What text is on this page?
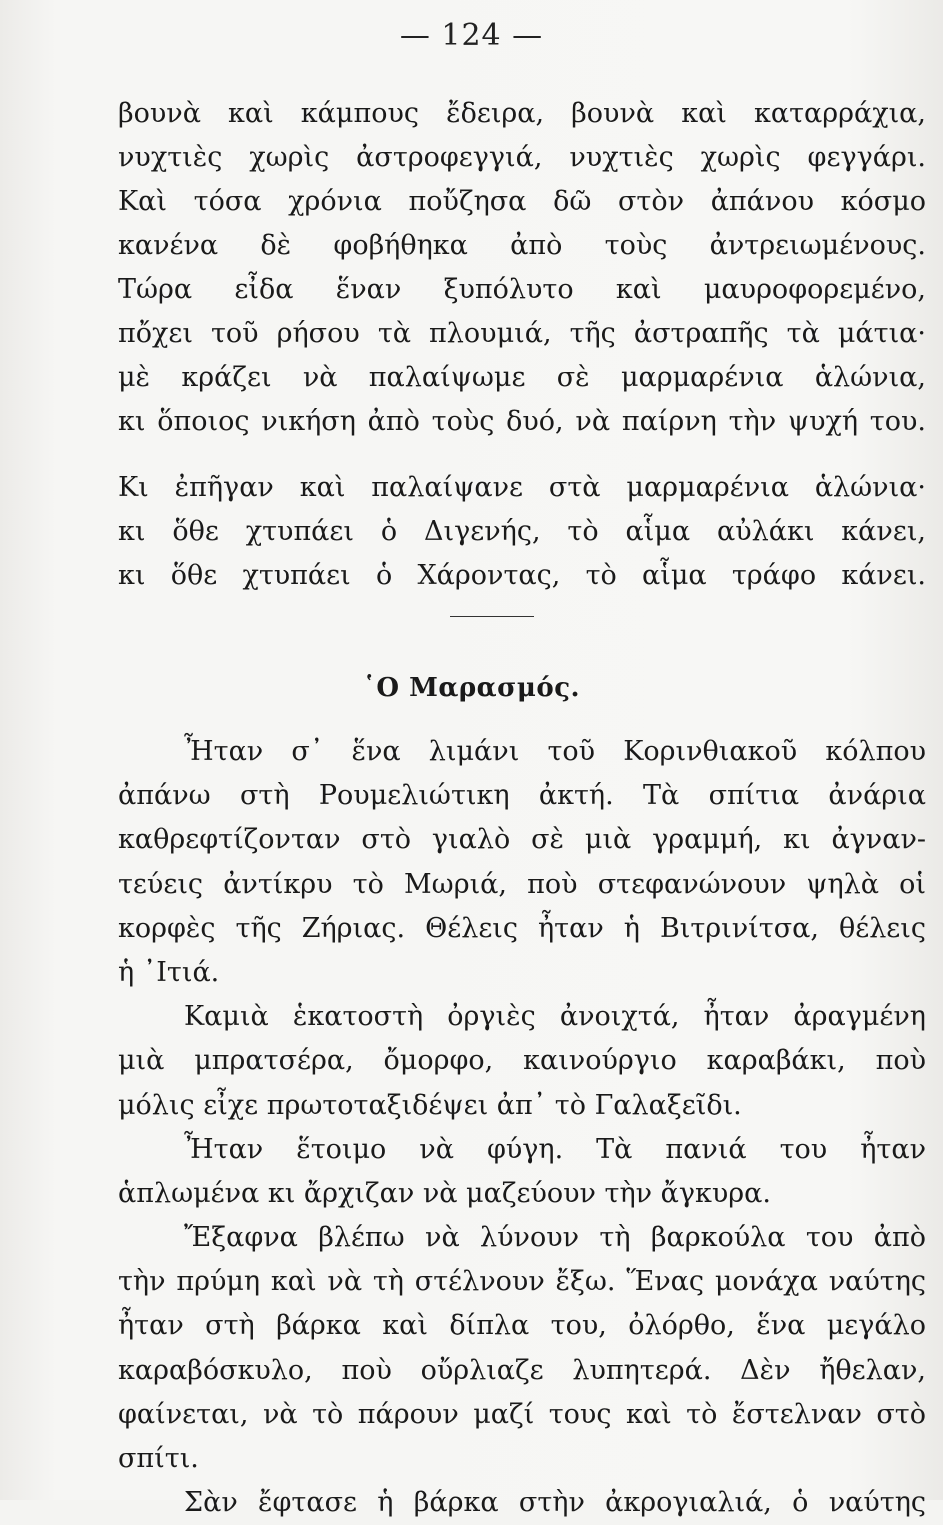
— 124 —
βουνὰ καὶ κάμπους ἔδειρα, βουνὰ καὶ καταρράχια,
νυχτιὲς χωρὶς ἀστροφεγγιά, νυχτιὲς χωρὶς φεγγάρι.
Καὶ τόσα χρόνια ποὔζησα δῶ στὸν ἀπάνου κόσμο
κανένα δὲ φοβήθηκα ἀπὸ τοὺς ἀντρειωμένους.
Τώρα εἶδα ἕναν ξυπόλυτο καὶ μαυροφορεμένο,
πὄχει τοῦ ρήσου τὰ πλουμιά, τῆς ἀστραπῆς τὰ μάτια·
μὲ κράζει νὰ παλαίψωμε σὲ μαρμαρένια ἁλώνια,
κι ὅποιος νικήση ἀπὸ τοὺς δυό, νὰ παίρνη τὴν ψυχή του.
Κι ἐπῆγαν καὶ παλαίψανε στὰ μαρμαρένια ἁλώνια·
κι ὅθε χτυπάει ὁ Διγενής, τὸ αἷμα αὐλάκι κάνει,
κι ὅθε χτυπάει ὁ Χάροντας, τὸ αἷμα τράφο κάνει.
῾Ο Μαρασμός.
Ἦταν σ᾿ ἕνα λιμάνι τοῦ Κορινθιακοῦ κόλπου
ἀπάνω στὴ Ρουμελιώτικη ἀκτή. Τὰ σπίτια ἀνάρια
καθρεφτίζονταν στὸ γιαλὸ σὲ μιὰ γραμμή, κι ἀγναν-
τεύεις ἀντίκρυ τὸ Μωριά, ποὺ στεφανώνουν ψηλὰ οἱ
κορφὲς τῆς Ζήριας. Θέλεις ἦταν ἡ Βιτρινίτσα, θέλεις
ἡ ᾿Ιτιά.
Καμιὰ ἑκατοστὴ ὀργιὲς ἀνοιχτά, ἦταν ἀραγμένη
μιὰ μπρατσέρα, ὄμορφο, καινούργιο καραβάκι, ποὺ
μόλις εἶχε πρωτοταξιδέψει ἀπ᾿ τὸ Γαλαξεῖδι.
Ἦταν ἕτοιμο νὰ φύγη. Τὰ πανιά του ἦταν
ἁπλωμένα κι ἄρχιζαν νὰ μαζεύουν τὴν ἄγκυρα.
Ἔξαφνα βλέπω νὰ λύνουν τὴ βαρκούλα του ἀπὸ
τὴν πρύμη καὶ νὰ τὴ στέλνουν ἔξω. Ἕνας μονάχα ναύτης
ἦταν στὴ βάρκα καὶ δίπλα του, ὀλόρθο, ἕνα μεγάλο
καραβόσκυλο, ποὺ οὔρλιαζε λυπητερά. Δὲν ἤθελαν,
φαίνεται, νὰ τὸ πάρουν μαζί τους καὶ τὸ ἔστελναν στὸ
σπίτι.
Σὰν ἔφτασε ἡ βάρκα στὴν ἀκρογιαλιά, ὁ ναύτης
